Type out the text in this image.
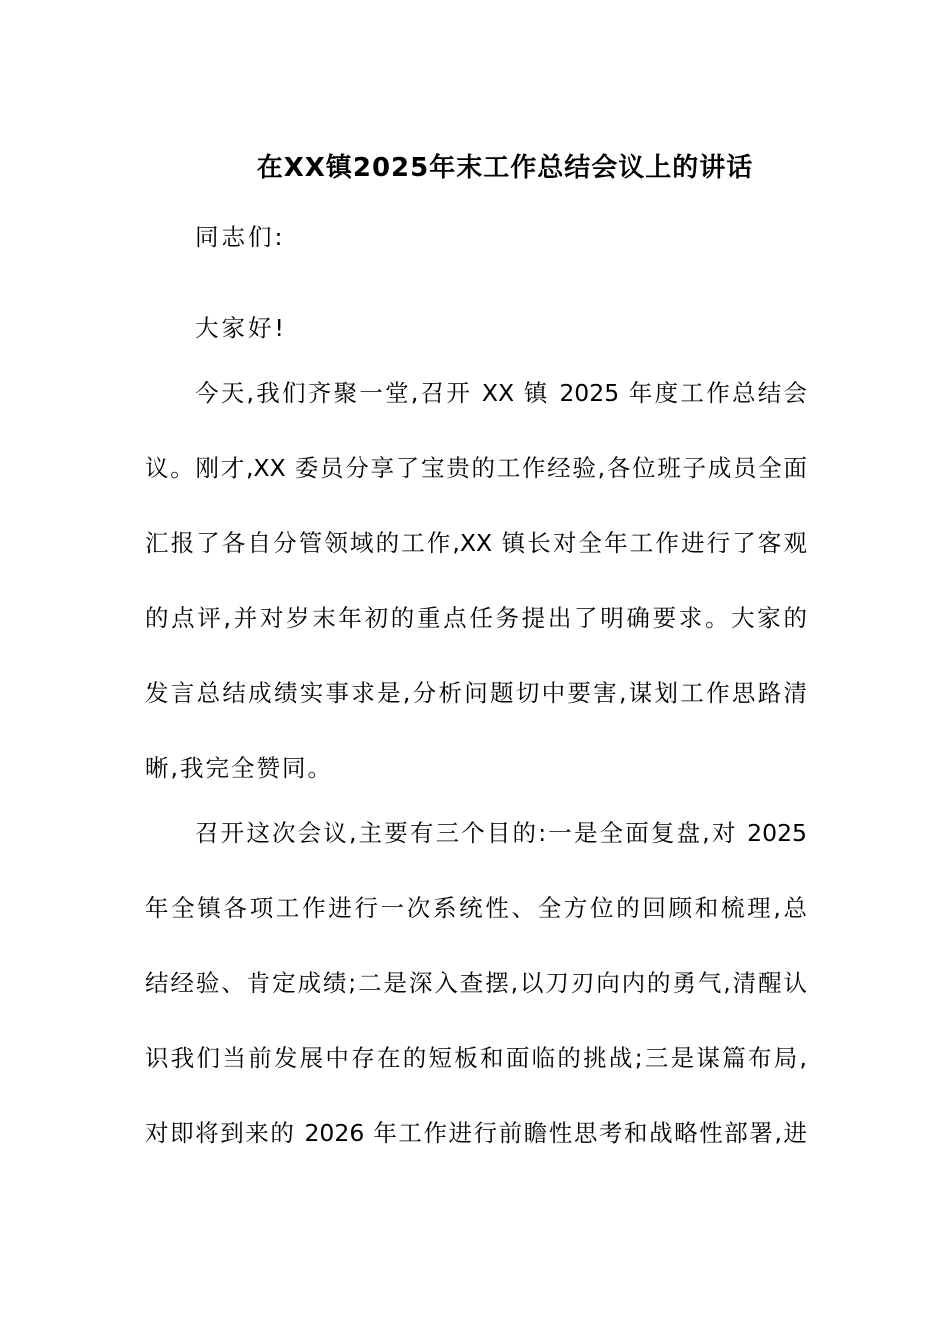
在XX镇2025年末工作总结会议上的讲话
同志们:
大家好!
今天,我们齐聚一堂,召开 XX 镇 2025 年度工作总结会
议。刚才,XX 委员分享了宝贵的工作经验,各位班子成员全面
汇报了各自分管领域的工作,XX 镇长对全年工作进行了客观
的点评,并对岁末年初的重点任务提出了明确要求。大家的
发言总结成绩实事求是,分析问题切中要害,谋划工作思路清
晰,我完全赞同。
召开这次会议,主要有三个目的:一是全面复盘,对 2025
年全镇各项工作进行一次系统性、全方位的回顾和梳理,总
结经验、肯定成绩;二是深入查摆,以刀刃向内的勇气,清醒认
识我们当前发展中存在的短板和面临的挑战;三是谋篇布局,
对即将到来的 2026 年工作进行前瞻性思考和战略性部署,进
